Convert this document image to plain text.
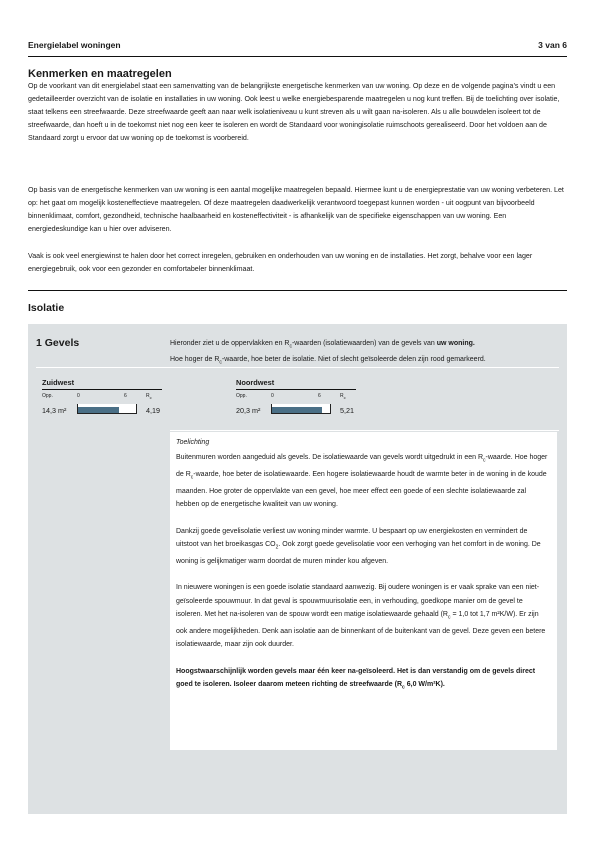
Energielabel woningen	3 van 6
Kenmerken en maatregelen
Op de voorkant van dit energielabel staat een samenvatting van de belangrijkste energetische kenmerken van uw woning. Op deze en de volgende pagina’s vindt u een gedetailleerder overzicht van de isolatie en installaties in uw woning. Ook leest u welke energiebesparende maatregelen u nog kunt treffen. Bij de toelichting over isolatie, staat telkens een streefwaarde. Deze streefwaarde geeft aan naar welk isolatieniveau u kunt streven als u wilt gaan na-isoleren. Als u alle bouwdelen isoleert tot de streefwaarde, dan hoeft u in de toekomst niet nog een keer te isoleren en wordt de Standaard voor woningisolatie ruimschoots gerealiseerd. Door het voldoen aan de Standaard zorgt u ervoor dat uw woning op de toekomst is voorbereid.
Op basis van de energetische kenmerken van uw woning is een aantal mogelijke maatregelen bepaald. Hiermee kunt u de energieprestatie van uw woning verbeteren. Let op: het gaat om mogelijk kosteneffectieve maatregelen. Of deze maatregelen daadwerkelijk verantwoord toegepast kunnen worden - uit oogpunt van bijvoorbeeld binnenklimaat, comfort, gezondheid, technische haalbaarheid en kosteneffectiviteit - is afhankelijk van de specifieke eigenschappen van uw woning. Een energiedeskundige kan u hier over adviseren.
Vaak is ook veel energiewinst te halen door het correct inregelen, gebruiken en onderhouden van uw woning en de installaties. Het zorgt, behalve voor een lager energiegebruik, ook voor een gezonder en comfortabeler binnenklimaat.
Isolatie
1 Gevels	Hieronder ziet u de oppervlakken en $R_c$-waarden (isolatiewaarden) van de gevels van uw woning.
Hoe hoger de $R_c$-waarde, hoe beter de isolatie. Niet of slecht geïsoleerde delen zijn rood gemarkeerd.
Zuidwest
Opp.	0	6	$R_c$
14,3 m²	4,19
Noordwest
Opp.	0	6	$R_c$
20,3 m²	5,21

Toelichting

Buitenmuren worden aangeduid als gevels. De isolatiewaarde van gevels wordt uitgedrukt in een $R_c$-waarde. Hoe hoger de $R_c$-waarde, hoe beter de isolatiewaarde. Een hogere isolatiewaarde houdt de warmte beter in de woning in de koude maanden. Hoe groter de oppervlakte van een gevel, hoe meer effect een goede of een slechte isolatiewaarde zal hebben op de energetische kwaliteit van uw woning.

Dankzij goede gevelisolatie verliest uw woning minder warmte. U bespaart op uw energiekosten en vermindert de uitstoot van het broeikasgas $CO_2$. Ook zorgt goede gevelisolatie voor een verhoging van het comfort in de woning. De woning is gelijkmatiger warm doordat de muren minder kou afgeven.

In nieuwere woningen is een goede isolatie standaard aanwezig. Bij oudere woningen is er vaak sprake van een niet-geïsoleerde spouwmuur. In dat geval is spouwmuurisolatie een, in verhouding, goedkope manier om de gevel te isoleren. Met het na-isoleren van de spouw wordt een matige isolatiewaarde gehaald ($R_c = 1,0$ tot 1,7 m²K/W). Er zijn ook andere mogelijkheden. Denk aan isolatie aan de binnenkant of de buitenkant van de gevel. Deze geven een betere isolatiewaarde, maar zijn ook duurder.

Hoogstwaarschijnlijk worden gevels maar één keer na-geïsoleerd. Het is dan verstandig om de gevels direct goed te isoleren. Isoleer daarom meteen richting de streefwaarde ($R_c$ 6,0 W/m²K).
